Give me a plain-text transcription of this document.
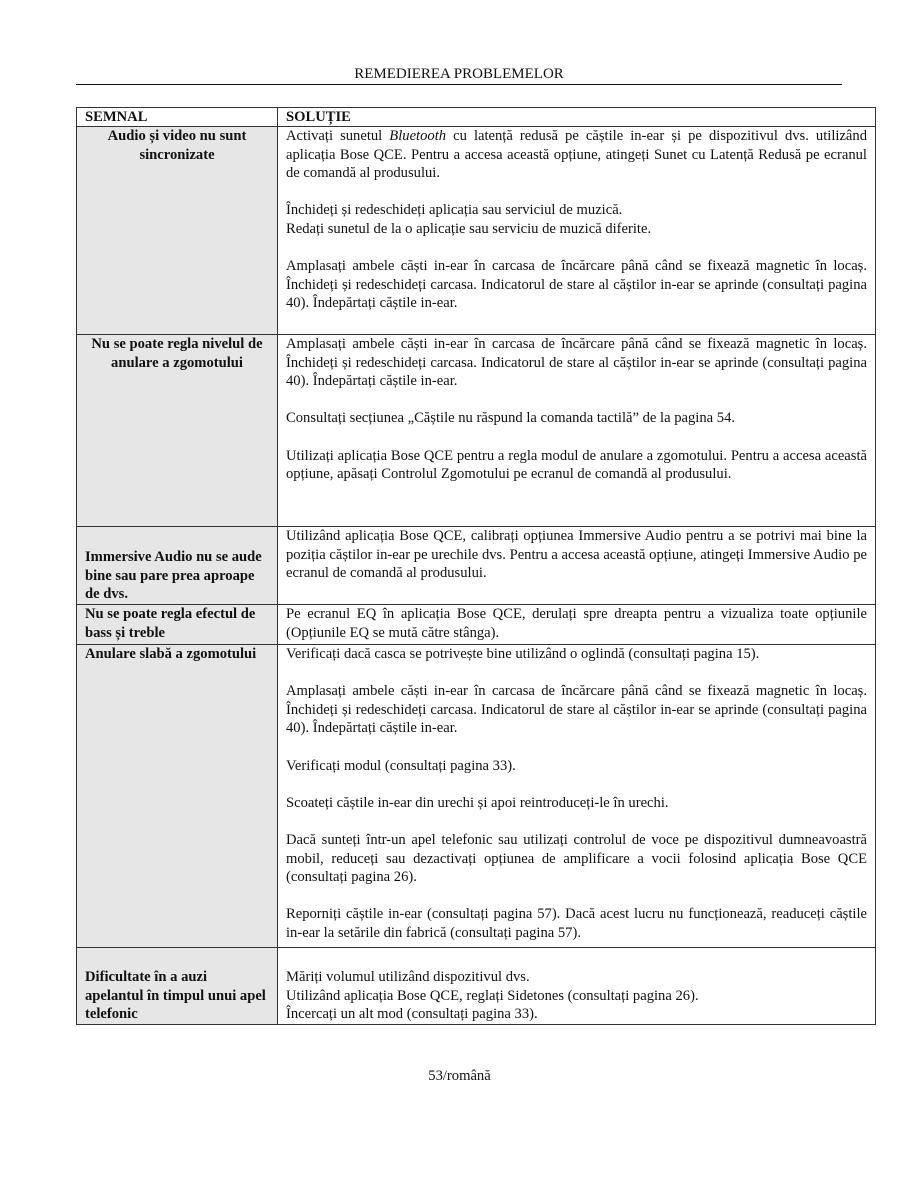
REMEDIEREA PROBLEMELOR
SEMNAL	SOLUȚIE
Audio și video nu sunt sincronizate	Activați sunetul Bluetooth cu latență redusă pe căștile in-ear și pe dispozitivul dvs. utilizând aplicația Bose QCE. Pentru a accesa această opțiune, atingeți Sunet cu Latență Redusă pe ecranul de comandă al produsului.

Închideți și redeschideți aplicația sau serviciul de muzică.

Redați sunetul de la o aplicație sau serviciu de muzică diferite.

Amplasați ambele căști in-ear în carcasa de încărcare până când se fixează magnetic în locaș. Închideți și redeschideți carcasa. Indicatorul de stare al căștilor in-ear se aprinde (consultați pagina 40). Îndepărtați căștile in-ear.

Nu se poate regla nivelul de anulare a zgomotului	Amplasați ambele căști in-ear în carcasa de încărcare până când se fixează magnetic în locaș. Închideți și redeschideți carcasa. Indicatorul de stare al căștilor in-ear se aprinde (consultați pagina 40). Îndepărtați căștile in-ear.

Consultați secțiunea „Căștile nu răspund la comanda tactilă” de la pagina 54.

Utilizați aplicația Bose QCE pentru a regla modul de anulare a zgomotului. Pentru a accesa această opțiune, apăsați Controlul Zgomotului pe ecranul de comandă al produsului.

Immersive Audio nu se aude bine sau pare prea aproape de dvs.	Utilizând aplicația Bose QCE, calibrați opțiunea Immersive Audio pentru a se potrivi mai bine la poziția căștilor in-ear pe urechile dvs. Pentru a accesa această opțiune, atingeți Immersive Audio pe ecranul de comandă al produsului.

Nu se poate regla efectul de bass și treble	Pe ecranul EQ în aplicația Bose QCE, derulați spre dreapta pentru a vizualiza toate opțiunile (Opțiunile EQ se mută către stânga).

Anulare slabă a zgomotului	Verificați dacă casca se potrivește bine utilizând o oglindă (consultați pagina 15).

Amplasați ambele căști in-ear în carcasa de încărcare până când se fixează magnetic în locaș. Închideți și redeschideți carcasa. Indicatorul de stare al căștilor in-ear se aprinde (consultați pagina 40). Îndepărtați căștile in-ear.

Verificați modul (consultați pagina 33).

Scoateți căștile in-ear din urechi și apoi reintroduceți-le în urechi.

Dacă sunteți într-un apel telefonic sau utilizați controlul de voce pe dispozitivul dumneavoastră mobil, reduceți sau dezactivați opțiunea de amplificare a vocii folosind aplicația Bose QCE (consultați pagina 26).

Reporniți căștile in-ear (consultați pagina 57). Dacă acest lucru nu funcționează, readuceți căștile in-ear la setările din fabrică (consultați pagina 57).

Dificultate în a auzi apelantul în timpul unui apel telefonic	Măriți volumul utilizând dispozitivul dvs.

Utilizând aplicația Bose QCE, reglați Sidetones (consultați pagina 26).

Încercați un alt mod (consultați pagina 33).

53/română
